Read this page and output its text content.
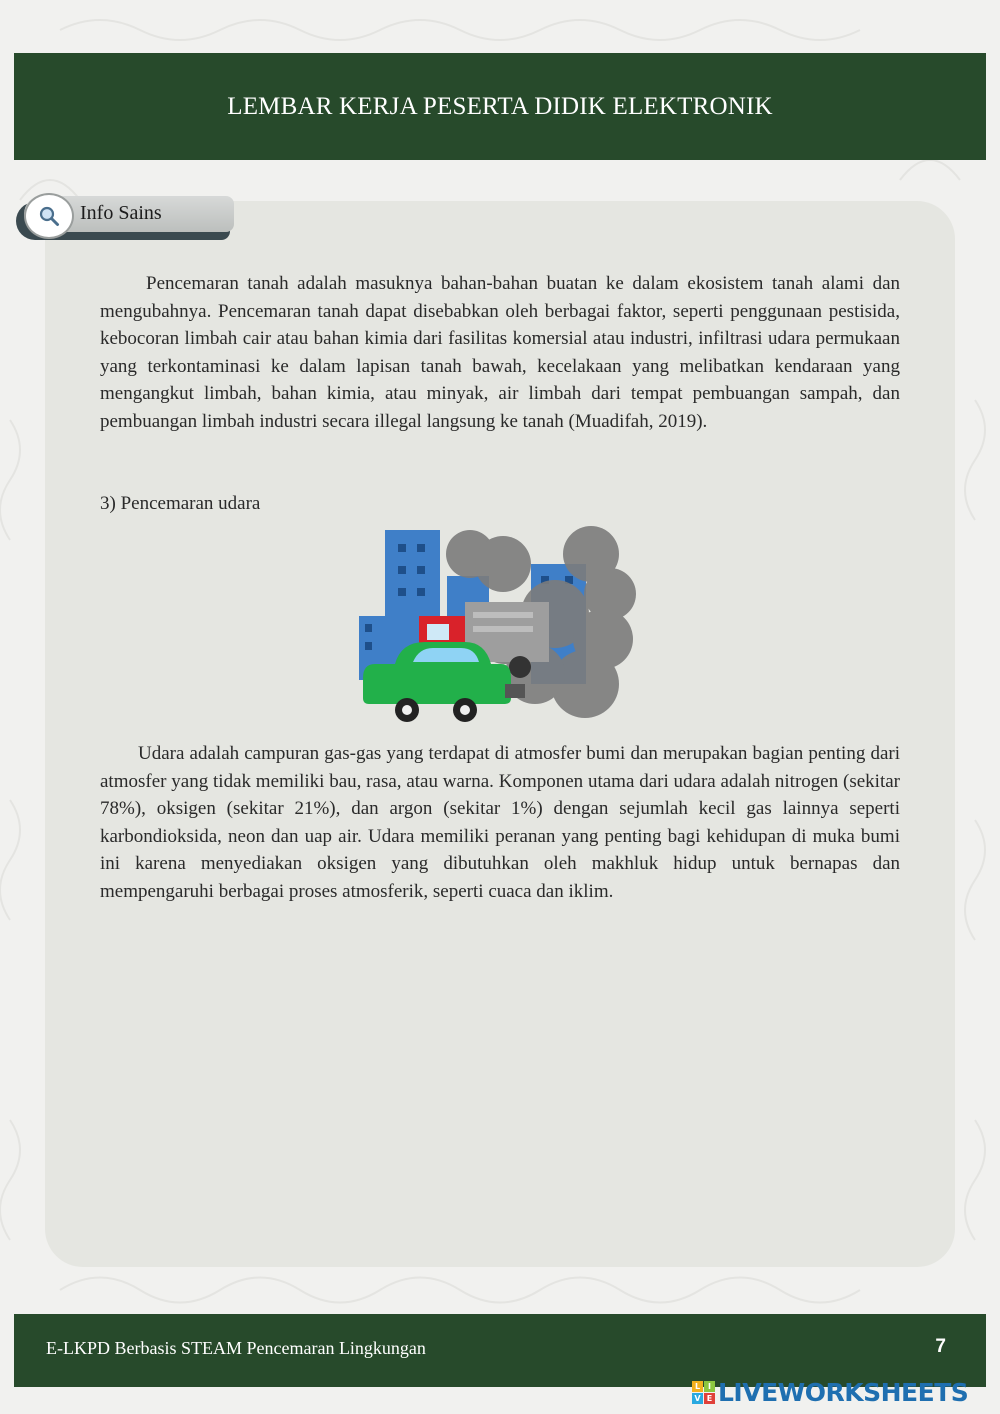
LEMBAR KERJA PESERTA DIDIK ELEKTRONIK
Info Sains

Pencemaran tanah adalah masuknya bahan-bahan buatan ke dalam ekosistem tanah alami dan mengubahnya. Pencemaran tanah dapat disebabkan oleh berbagai faktor, seperti penggunaan pestisida, kebocoran limbah cair atau bahan kimia dari fasilitas komersial atau industri, infiltrasi udara permukaan yang terkontaminasi ke dalam lapisan tanah bawah, kecelakaan yang melibatkan kendaraan yang mengangkut limbah, bahan kimia, atau minyak, air limbah dari tempat pembuangan sampah, dan pembuangan limbah industri secara illegal langsung ke tanah (Muadifah, 2019).

3) Pencemaran udara

Udara adalah campuran gas-gas yang terdapat di atmosfer bumi dan merupakan bagian penting dari atmosfer yang tidak memiliki bau, rasa, atau warna. Komponen utama dari udara adalah nitrogen (sekitar 78%), oksigen (sekitar 21%), dan argon (sekitar 1%) dengan sejumlah kecil gas lainnya seperti karbondioksida, neon dan uap air. Udara memiliki peranan yang penting bagi kehidupan di muka bumi ini karena menyediakan oksigen yang dibutuhkan oleh makhluk hidup untuk bernapas dan mempengaruhi berbagai proses atmosferik, seperti cuaca dan iklim.

E-LKPD Berbasis STEAM Pencemaran Lingkungan	7
L I
V E LIVEWORKSHEETS
